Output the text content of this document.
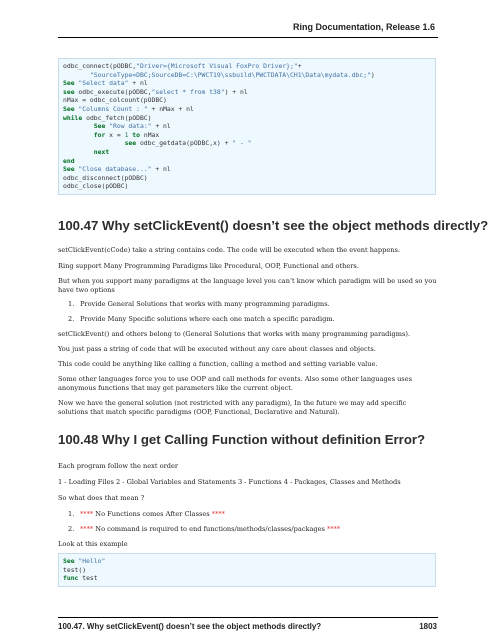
Ring Documentation, Release 1.6
odbc_connect(pODBC,"Driver={Microsoft Visual FoxPro Driver};"+
"SourceType=DBC;SourceDB=C:\PWCT19\ssbuild\PWCTDATA\CH1\Data\mydata.dbc;")
See "Select data" + nl
see odbc_execute(pODBC,"select * from t38") + nl
nMax = odbc_colcount(pODBC)
See "Columns Count : " + nMax + nl
while odbc_fetch(pODBC)
See "Row data:" + nl
for x = 1 to nMax
see odbc_getdata(pODBC,x) + " - "
next
end
See "Close database..." + nl
odbc_disconnect(pODBC)
odbc_close(pODBC)
100.47 Why setClickEvent() doesn’t see the object methods directly?

setClickEvent(cCode) take a string contains code. The code will be executed when the event happens.

Ring support Many Programming Paradigms like Procedural, OOP, Functional and others.

But when you support many paradigms at the language level you can’t know which paradigm will be used so you have two options

1. Provide General Solutions that works with many programming paradigms.
2. Provide Many Specific solutions where each one match a specific paradigm.

setClickEvent() and others belong to (General Solutions that works with many programming paradigms).

You just pass a string of code that will be executed without any care about classes and objects.

This code could be anything like calling a function, calling a method and setting variable value.

Some other languages force you to use OOP and call methods for events. Also some other languages uses anonymous functions that may get parameters like the current object.

Now we have the general solution (not restricted with any paradigm), In the future we may add specific solutions that match specific paradigms (OOP, Functional, Declarative and Natural).

100.48 Why I get Calling Function without definition Error?

Each program follow the next order

1 - Loading Files 2 - Global Variables and Statements 3 - Functions 4 - Packages, Classes and Methods

So what does that mean ?

1. **** No Functions comes After Classes ****
2. **** No command is required to end functions/methods/classes/packages ****

Look at this example

See "Hello"
test()
func test
100.47. Why setClickEvent() doesn’t see the object methods directly?	1803
